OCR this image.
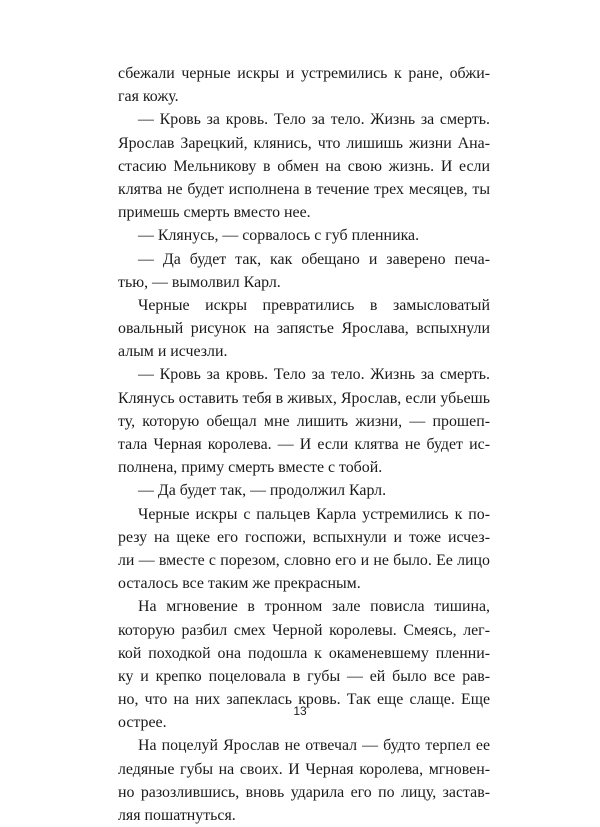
сбежали черные искры и устремились к ране, обжи-
гая кожу.
— Кровь за кровь. Тело за тело. Жизнь за смерть.
Ярослав Зарецкий, клянись, что лишишь жизни Ана-
стасию Мельникову в обмен на свою жизнь. И если
клятва не будет исполнена в течение трех месяцев, ты
примешь смерть вместо нее.
— Клянусь, — сорвалось с губ пленника.
— Да будет так, как обещано и заверено печа-
тью, — вымолвил Карл.
Черные искры превратились в замысловатый
овальный рисунок на запястье Ярослава, вспыхнули
алым и исчезли.
— Кровь за кровь. Тело за тело. Жизнь за смерть.
Клянусь оставить тебя в живых, Ярослав, если убьешь
ту, которую обещал мне лишить жизни, — прошеп-
тала Черная королева. — И если клятва не будет ис-
полнена, приму смерть вместе с тобой.
— Да будет так, — продолжил Карл.
Черные искры с пальцев Карла устремились к по-
резу на щеке его госпожи, вспыхнули и тоже исчез-
ли — вместе с порезом, словно его и не было. Ее лицо
осталось все таким же прекрасным.
На мгновение в тронном зале повисла тишина,
которую разбил смех Черной королевы. Смеясь, лег-
кой походкой она подошла к окаменевшему пленни-
ку и крепко поцеловала в губы — ей было все рав-
но, что на них запеклась кровь. Так еще слаще. Еще
острее.
На поцелуй Ярослав не отвечал — будто терпел ее
ледяные губы на своих. И Черная королева, мгновен-
но разозлившись, вновь ударила его по лицу, застав-
ляя пошатнуться.
13
